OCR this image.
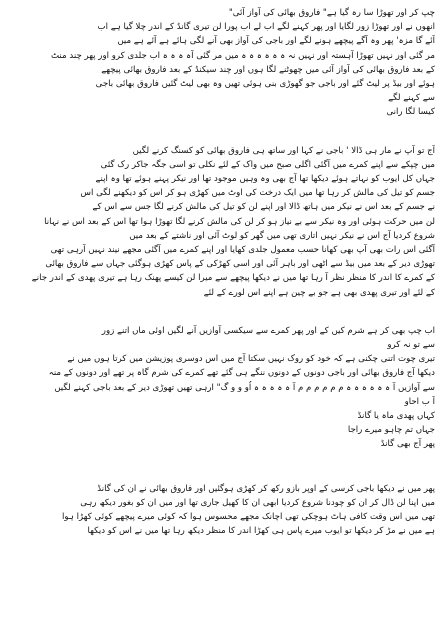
چپ کر اور تھوڑا سا رہ گیا ہے" فاروق بھائی کی آواز آئی"
انھوں نے اور تھوڑا زور لگایا اور پھر کہنے لگے اب لے اب پورا لن تیری گانڈ کے اندر چلا گیا ہے اب
آئے گا مزہ' پھر وہ آگے پیچھے ہونے لگے اور باجی کی آواز بھی آنے لگی ہائے ہے آئے ہے میں
مر گئی اور نہیں تھوڑا آہستہ اور نہیں نہ ہ ہ ہ ہ ہ ہ میں مر گئی آہ ہ ہ ہ اب جلدی کرو اور پھر چند منٹ
کے بعد فاروق بھائی کی آواز آئی میں چھوٹنے لگا ہوں اور چند سیکنڈ کے بعد فاروق بھائی پیچھے
ہوئے اور بیڈ پر لیٹ گئے اور باجی جو گھوڑی بنی ہوئی تھیں وہ بھی لیٹ گئیں فاروق بھائی باجی
سے کہنے لگے
کیسا لگا رانی
آج تو آپ نے مار ہی ڈالا ' باجی نے کہا اور ساتھ ہی فاروق بھائی کو کسنگ کرنے لگیں
میں چپکے سے اپنے کمرے میں آگئی اگلی صبح میں واک کے لئے نکلی تو اسی جگہ جاکر رک گئی
جہاں کل ایوب کو نہاتے ہوئے دیکھا تھا آج بھی وہ وہیں موجود تھا اور نیکر پہنے ہوئے تھا وہ اپنے
جسم کو تیل کی مالش کر رہا تھا میں ایک درخت کی اوٹ میں کھڑی ہو کر اس کو دیکھنے لگی اس
نے جسم کے بعد اس نے نیکر میں ہاتھ ڈالا اور اپنے لن کو تیل کی مالش کرنے لگا جس سے اس کے
لن میں حرکت ہوئی اور وہ نیکر سے بے نیاز ہو کر لن کی مالش کرنے لگا تھوڑا ہوا تھا اس کے بعد اس نے نہانا
شروع کردیا آج اس نے نیکر نہیں اتاری تھی میں گھر کو لوٹ آئی اور ناشتے کے بعد میں
آگئی اس رات بھی آپ بھی کھانا حسب معمول جلدی کھایا اور اپنے کمرے میں آگئی مجھے نیند نہیں آرہی تھی
تھوڑی دیر کے بعد میں بیڈ سے اٹھی اور باہر آئی اور اسی کھڑکی کے پاس کھڑی ہوگئی جہاں سے فاروق بھائی
کے کمرے کا اندر کا منظر نظر آ رہا تھا میں نے دیکھا پیچھے سے میرا لن کیسے پھنک رہا ہے تیری پھدی کے اندر جانے
کے لئے اور تیری پھدی بھی ہے جو بے چین ہے اپنے اس لورے کے لئے
اب چپ بھی کر ہے شرم کیں کے اور پھر کمرے سے سیکسی آوازیں آنے لگیں اوئی ماں اتنے زور
سے تو نہ کرو
تیری چوت اتنی چکنی ہے کہ خود کو روک نہیں سکتا آج میں اس دوسری پوزیشن میں کرتا ہوں میں نے
دیکھا آج فاروق بھائی اور باجی دونوں کے دونوں ننگے ہی گئے تھے کمرے کی شرم گاہ پر تھے اور دونوں کے منہ
سے آوازیں آ ہ ہ ہ ہ ہ ہ م م م م م م آ ہ ہ ہ ہ ہ اُو و و گ" ارہی تھیں تھوڑی دیر کے بعد باجی کہنے لگیں
آ ب احاو
کہاں پھدی ماہ یا گانڈ
جہاں تم چاہو میرے راجا
پھر آج بھی گانڈ
پھر میں نے دیکھا باجی کرسی کے اوپر بازو رکھ کر کھڑی ہوگئیں اور فاروق بھائی نے ان کی گانڈ
میں اپنا لن ڈال کر ان کو چودنا شروع کردیا ابھی ان کا کھیل جاری تھا اور میں ان کو بغور دیکھ رہی
تھی میں اس وقت کافی ہاٹ ہوچکی تھی اچانک مجھے محسوس ہوا کہ کوئی میرے پیچھے کوئی کھڑا ہوا
ہے میں نے مڑ کر دیکھا تو ایوب میرے پاس ہی کھڑا اندر کا منظر دیکھ رہا تھا میں نے اس کو دیکھا
